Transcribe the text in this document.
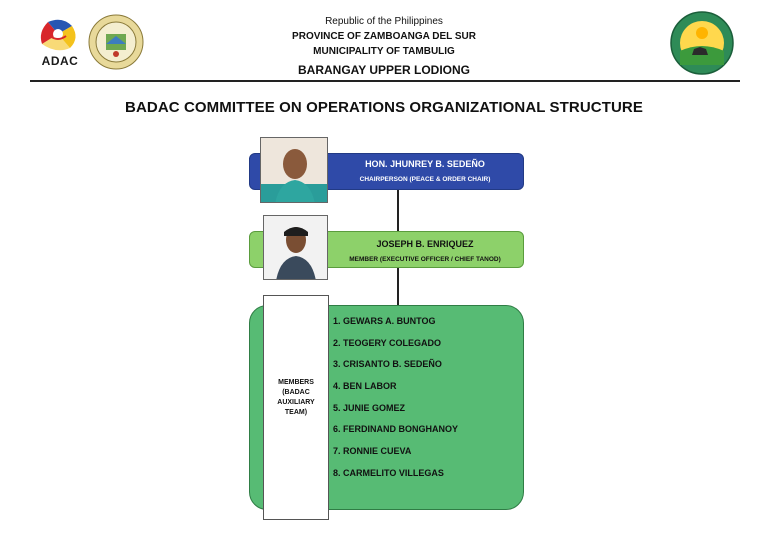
ADAC
Republic of the Philippines
PROVINCE OF ZAMBOANGA DEL SUR
MUNICIPALITY OF TAMBULIG
BARANGAY UPPER LODIONG
BADAC COMMITTEE ON OPERATIONS ORGANIZATIONAL STRUCTURE
HON. JHUNREY B. SEDEÑO
CHAIRPERSON (PEACE & ORDER CHAIR)
JOSEPH B. ENRIQUEZ
MEMBER (EXECUTIVE OFFICER / CHIEF TANOD)
MEMBERS
(BADAC
AUXILIARY
TEAM)
1. GEWARS A. BUNTOG
2. TEOGERY COLEGADO
3. CRISANTO B. SEDEÑO
4. BEN LABOR
5. JUNIE GOMEZ
6. FERDINAND BONGHANOY
7. RONNIE CUEVA
8. CARMELITO VILLEGAS
